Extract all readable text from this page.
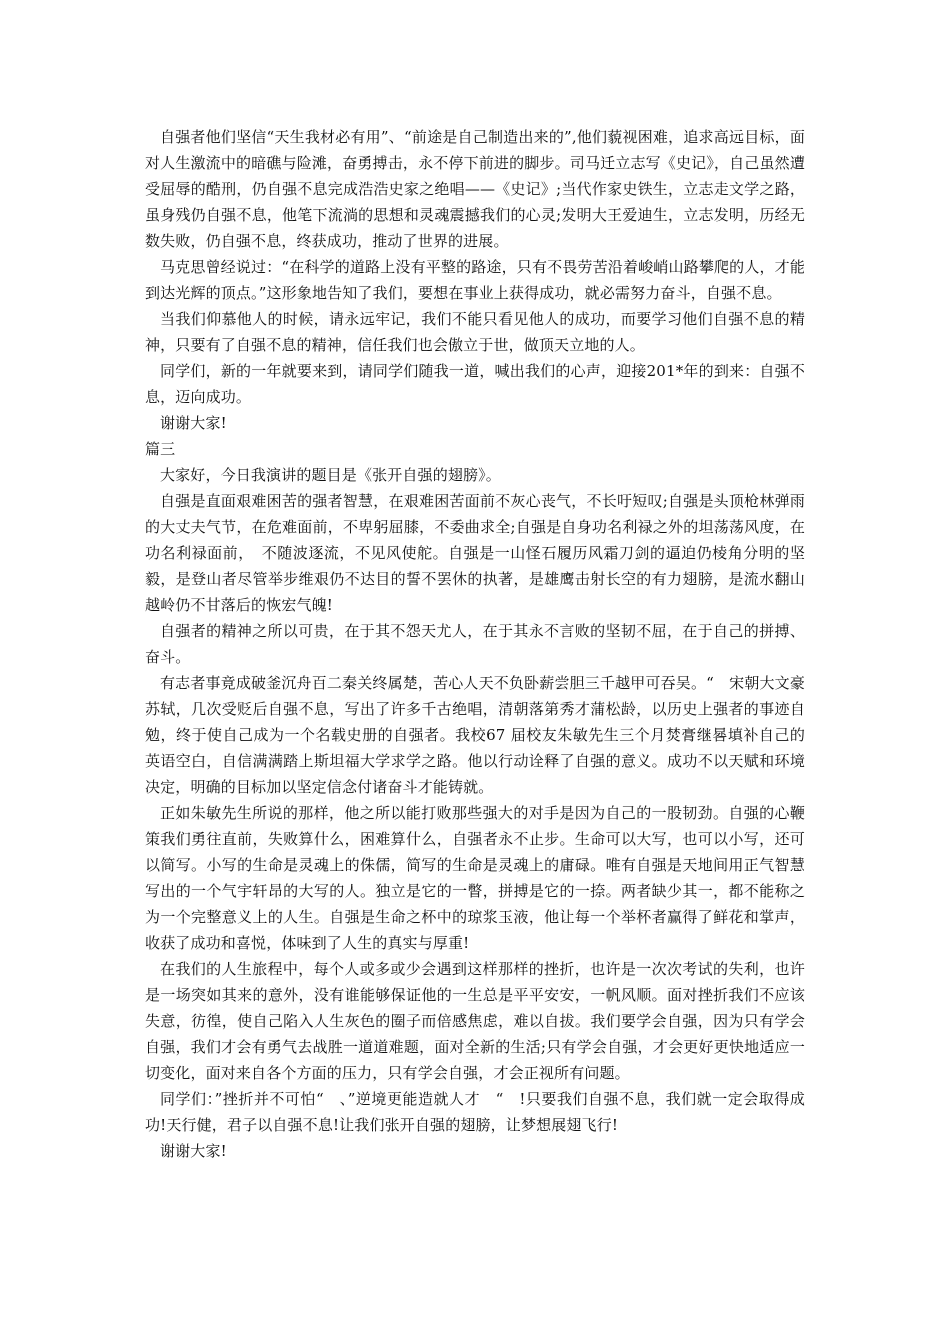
自强者他们坚信“天生我材必有用”、“前途是自己制造出来的”,他们藐视困难，追求高远目标，面对人生激流中的暗礁与险滩，奋勇搏击，永不停下前进的脚步。司马迁立志写《史记》，自己虽然遭受屈辱的酷刑，仍自强不息完成浩浩史家之绝唱——《史记》;当代作家史铁生，立志走文学之路，虽身残仍自强不息，他笔下流淌的思想和灵魂震撼我们的心灵;发明大王爱迪生，立志发明，历经无数失败，仍自强不息，终获成功，推动了世界的进展。

马克思曾经说过：“在科学的道路上没有平整的路途，只有不畏劳苦沿着峻峭山路攀爬的人，才能到达光辉的顶点。”这形象地告知了我们，要想在事业上获得成功，就必需努力奋斗，自强不息。

当我们仰慕他人的时候，请永远牢记，我们不能只看见他人的成功，而要学习他们自强不息的精神，只要有了自强不息的精神，信任我们也会傲立于世，做顶天立地的人。

同学们，新的一年就要来到，请同学们随我一道，喊出我们的心声，迎接201*年的到来：自强不息，迈向成功。

谢谢大家!

篇三

大家好，今日我演讲的题目是《张开自强的翅膀》。

自强是直面艰难困苦的强者智慧，在艰难困苦面前不灰心丧气，不长吁短叹;自强是头顶枪林弹雨的大丈夫气节，在危难面前，不卑躬屈膝，不委曲求全;自强是自身功名利禄之外的坦荡荡风度，在功名利禄面前，　不随波逐流，不见风使舵。自强是一山怪石履历风霜刀剑的逼迫仍棱角分明的坚毅，是登山者尽管举步维艰仍不达目的誓不罢休的执著，是雄鹰击射长空的有力翅膀，是流水翻山越岭仍不甘落后的恢宏气魄!

自强者的精神之所以可贵，在于其不怨天尤人，在于其永不言败的坚韧不屈，在于自己的拼搏、奋斗。

有志者事竟成破釜沉舟百二秦关终属楚，苦心人天不负卧薪尝胆三千越甲可吞吴。“　宋朝大文豪苏轼，几次受贬后自强不息，写出了许多千古绝唱，清朝落第秀才蒲松龄，以历史上强者的事迹自勉，终于使自己成为一个名载史册的自强者。我校67 届校友朱敏先生三个月焚膏继晷填补自己的英语空白，自信满满踏上斯坦福大学求学之路。他以行动诠释了自强的意义。成功不以天赋和环境决定，明确的目标加以坚定信念付诸奋斗才能铸就。

正如朱敏先生所说的那样，他之所以能打败那些强大的对手是因为自己的一股韧劲。自强的心鞭策我们勇往直前，失败算什么，困难算什么，自强者永不止步。生命可以大写，也可以小写，还可以简写。小写的生命是灵魂上的侏儒，简写的生命是灵魂上的庸碌。唯有自强是天地间用正气智慧写出的一个气宇轩昂的大写的人。独立是它的一瞥，拼搏是它的一捺。两者缺少其一，都不能称之为一个完整意义上的人生。自强是生命之杯中的琼浆玉液，他让每一个举杯者赢得了鲜花和掌声，收获了成功和喜悦，体味到了人生的真实与厚重!

在我们的人生旅程中，每个人或多或少会遇到这样那样的挫折，也许是一次次考试的失利，也许是一场突如其来的意外，没有谁能够保证他的一生总是平平安安，一帆风顺。面对挫折我们不应该失意，彷徨，使自己陷入人生灰色的圈子而倍感焦虑，难以自拔。我们要学会自强，因为只有学会自强，我们才会有勇气去战胜一道道难题，面对全新的生活;只有学会自强，才会更好更快地适应一切变化，面对来自各个方面的压力，只有学会自强，才会正视所有问题。

同学们：”挫折并不可怕“　、”逆境更能造就人才　“　!只要我们自强不息，我们就一定会取得成功!天行健，君子以自强不息!让我们张开自强的翅膀，让梦想展翅飞行!

谢谢大家!
